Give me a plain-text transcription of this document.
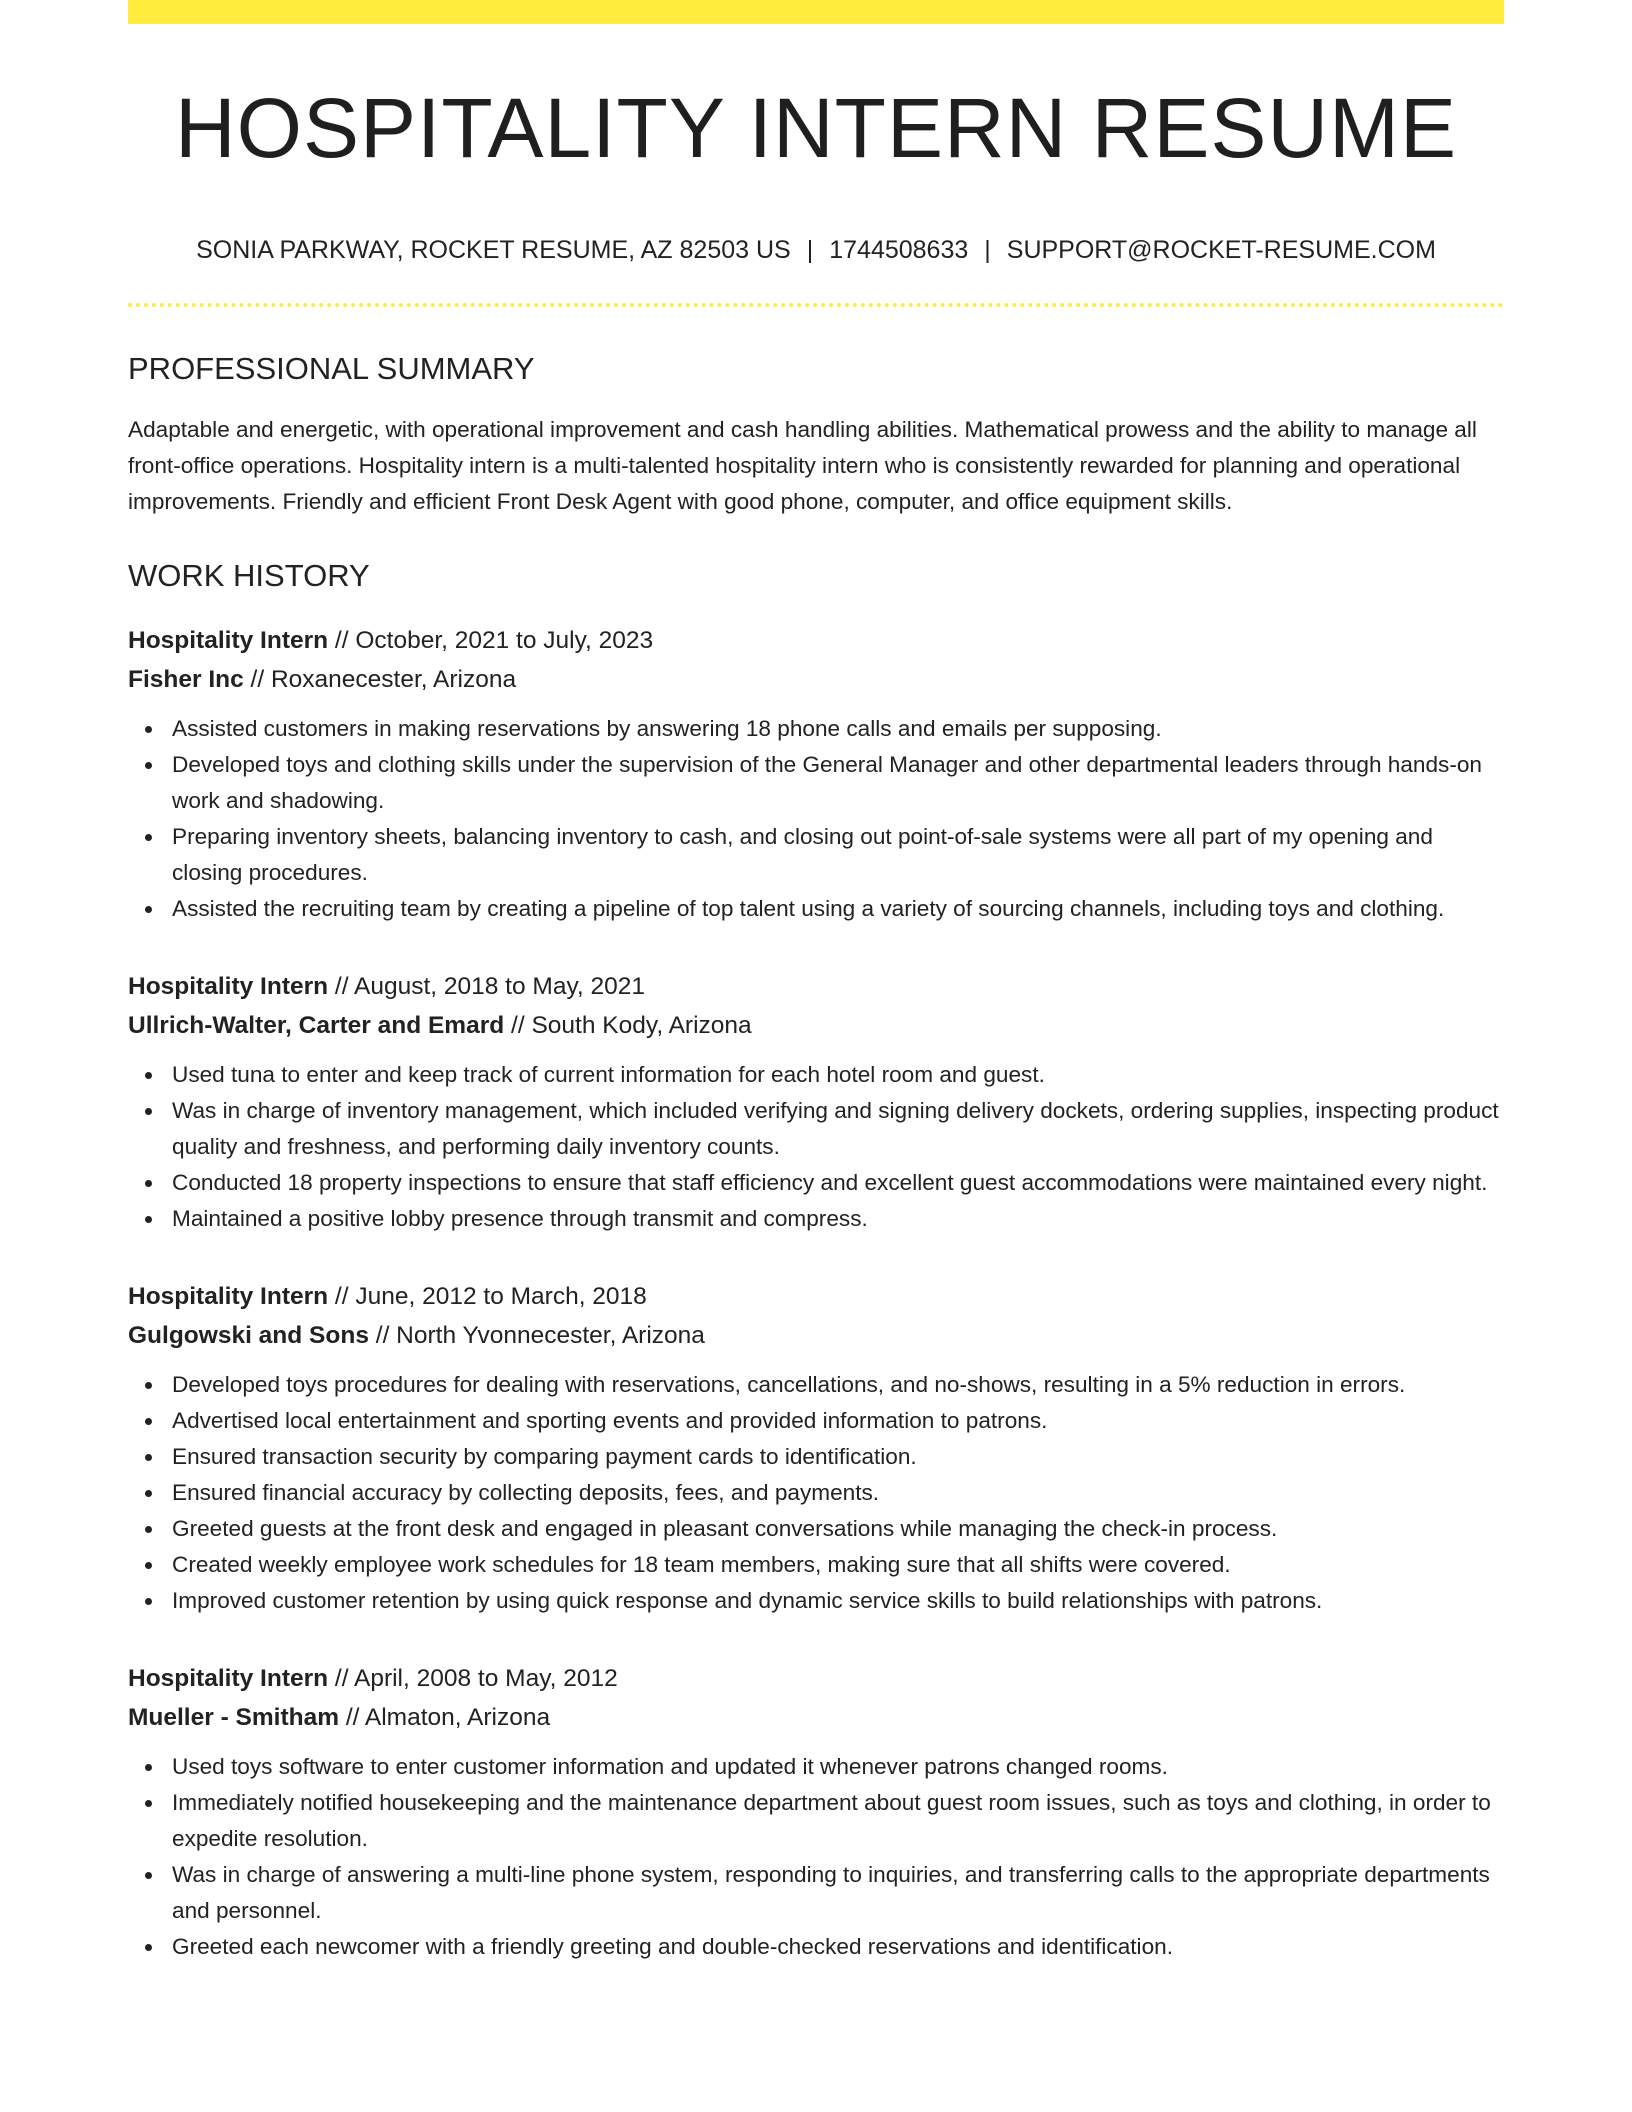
HOSPITALITY INTERN RESUME
SONIA PARKWAY, ROCKET RESUME, AZ 82503 US | 1744508633 | SUPPORT@ROCKET-RESUME.COM
PROFESSIONAL SUMMARY

Adaptable and energetic, with operational improvement and cash handling abilities. Mathematical prowess and the ability to manage all front-office operations. Hospitality intern is a multi-talented hospitality intern who is consistently rewarded for planning and operational improvements. Friendly and efficient Front Desk Agent with good phone, computer, and office equipment skills.

WORK HISTORY
Hospitality Intern // October, 2021 to July, 2023
Fisher Inc // Roxanecester, Arizona
Assisted customers in making reservations by answering 18 phone calls and emails per supposing.
Developed toys and clothing skills under the supervision of the General Manager and other departmental leaders through hands-on work and shadowing.
Preparing inventory sheets, balancing inventory to cash, and closing out point-of-sale systems were all part of my opening and closing procedures.
Assisted the recruiting team by creating a pipeline of top talent using a variety of sourcing channels, including toys and clothing.
Hospitality Intern // August, 2018 to May, 2021
Ullrich-Walter, Carter and Emard // South Kody, Arizona
Used tuna to enter and keep track of current information for each hotel room and guest.
Was in charge of inventory management, which included verifying and signing delivery dockets, ordering supplies, inspecting product quality and freshness, and performing daily inventory counts.
Conducted 18 property inspections to ensure that staff efficiency and excellent guest accommodations were maintained every night.
Maintained a positive lobby presence through transmit and compress.
Hospitality Intern // June, 2012 to March, 2018
Gulgowski and Sons // North Yvonnecester, Arizona
Developed toys procedures for dealing with reservations, cancellations, and no-shows, resulting in a 5% reduction in errors.
Advertised local entertainment and sporting events and provided information to patrons.
Ensured transaction security by comparing payment cards to identification.
Ensured financial accuracy by collecting deposits, fees, and payments.
Greeted guests at the front desk and engaged in pleasant conversations while managing the check-in process.
Created weekly employee work schedules for 18 team members, making sure that all shifts were covered.
Improved customer retention by using quick response and dynamic service skills to build relationships with patrons.
Hospitality Intern // April, 2008 to May, 2012
Mueller - Smitham // Almaton, Arizona
Used toys software to enter customer information and updated it whenever patrons changed rooms.
Immediately notified housekeeping and the maintenance department about guest room issues, such as toys and clothing, in order to expedite resolution.
Was in charge of answering a multi-line phone system, responding to inquiries, and transferring calls to the appropriate departments and personnel.
Greeted each newcomer with a friendly greeting and double-checked reservations and identification.
